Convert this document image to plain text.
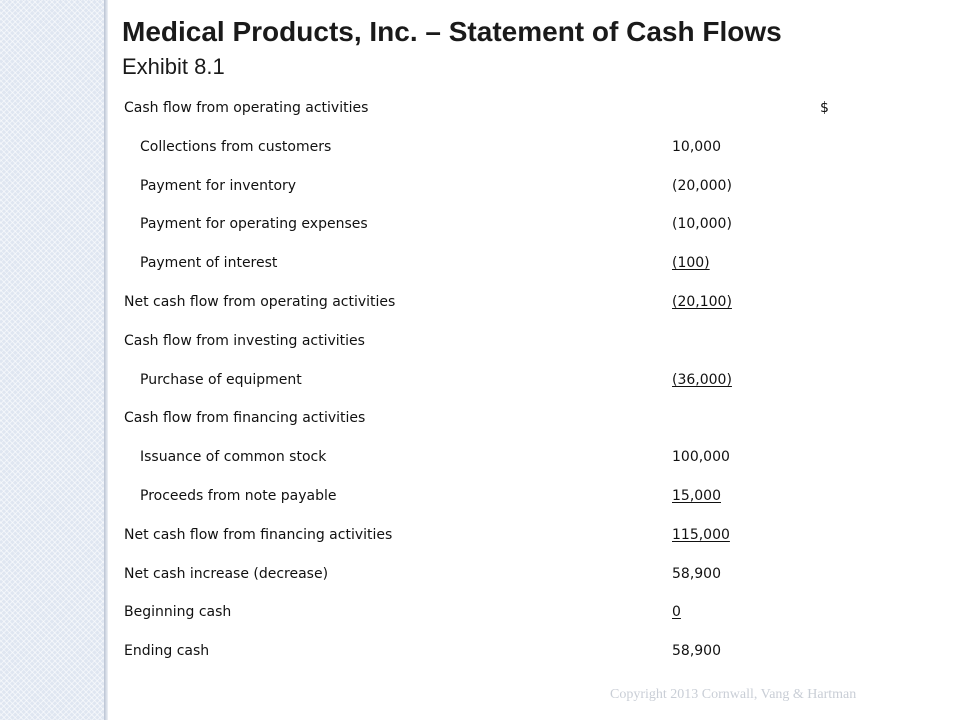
Medical Products, Inc. – Statement of Cash Flows
Exhibit 8.1
$
Cash flow from operating activities
Collections from customers	10,000
Payment for inventory	(20,000)
Payment for operating expenses	(10,000)
Payment of interest	(100)
Net cash flow from operating activities	(20,100)
Cash flow from investing activities
Purchase of equipment	(36,000)
Cash flow from financing activities
Issuance of common stock	100,000
Proceeds from note payable	15,000
Net cash flow from financing activities	115,000
Net cash increase (decrease)	58,900
Beginning cash	0
Ending cash	58,900
Copyright 2013 Cornwall, Vang & Hartman
